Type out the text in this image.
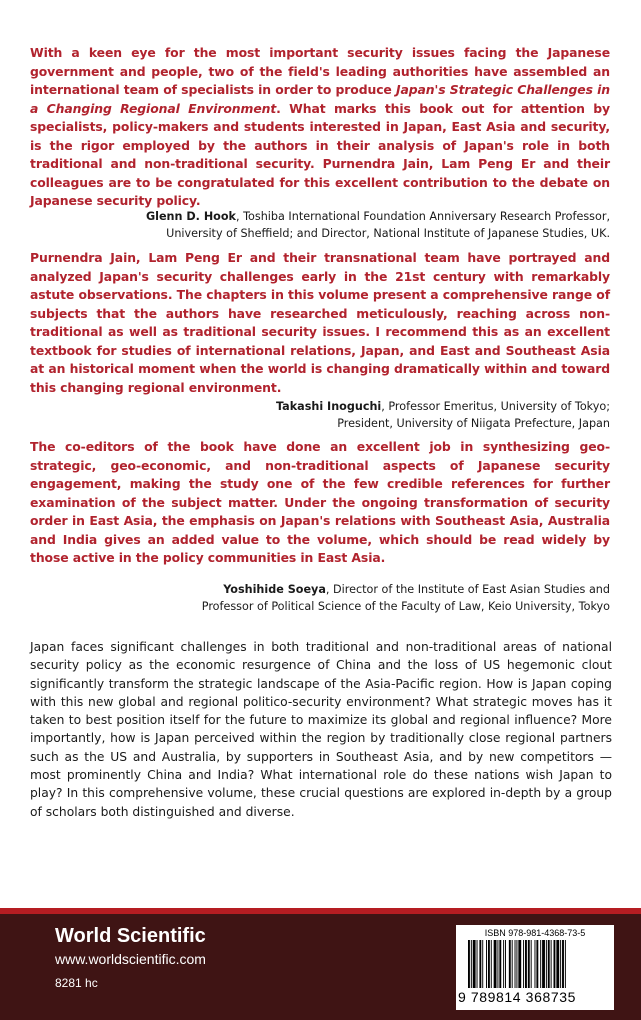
With a keen eye for the most important security issues facing the Japanese government and people, two of the field's leading authorities have assembled an international team of specialists in order to produce Japan's Strategic Challenges in a Changing Regional Environment. What marks this book out for attention by specialists, policy-makers and students interested in Japan, East Asia and security, is the rigor employed by the authors in their analysis of Japan's role in both traditional and non-traditional security. Purnendra Jain, Lam Peng Er and their colleagues are to be congratulated for this excellent contribution to the debate on Japanese security policy.
Glenn D. Hook, Toshiba International Foundation Anniversary Research Professor,
University of Sheffield; and Director, National Institute of Japanese Studies, UK.
Purnendra Jain, Lam Peng Er and their transnational team have portrayed and analyzed Japan's security challenges early in the 21st century with remarkably astute observations. The chapters in this volume present a comprehensive range of subjects that the authors have researched meticulously, reaching across non-traditional as well as traditional security issues. I recommend this as an excellent textbook for studies of international relations, Japan, and East and Southeast Asia at an historical moment when the world is changing dramatically within and toward this changing regional environment.
Takashi Inoguchi, Professor Emeritus, University of Tokyo;
President, University of Niigata Prefecture, Japan
The co-editors of the book have done an excellent job in synthesizing geo-strategic, geo-economic, and non-traditional aspects of Japanese security engagement, making the study one of the few credible references for further examination of the subject matter. Under the ongoing transformation of security order in East Asia, the emphasis on Japan's relations with Southeast Asia, Australia and India gives an added value to the volume, which should be read widely by those active in the policy communities in East Asia.
Yoshihide Soeya, Director of the Institute of East Asian Studies and
Professor of Political Science of the Faculty of Law, Keio University, Tokyo
Japan faces significant challenges in both traditional and non-traditional areas of national security policy as the economic resurgence of China and the loss of US hegemonic clout significantly transform the strategic landscape of the Asia-Pacific region. How is Japan coping with this new global and regional politico-security environment? What strategic moves has it taken to best position itself for the future to maximize its global and regional influence? More importantly, how is Japan perceived within the region by traditionally close regional partners such as the US and Australia, by supporters in Southeast Asia, and by new competitors — most prominently China and India? What international role do these nations wish Japan to play? In this comprehensive volume, these crucial questions are explored in-depth by a group of scholars both distinguished and diverse.
World Scientific
www.worldscientific.com
8281 hc
ISBN 978-981-4368-73-5
9 789814 368735
